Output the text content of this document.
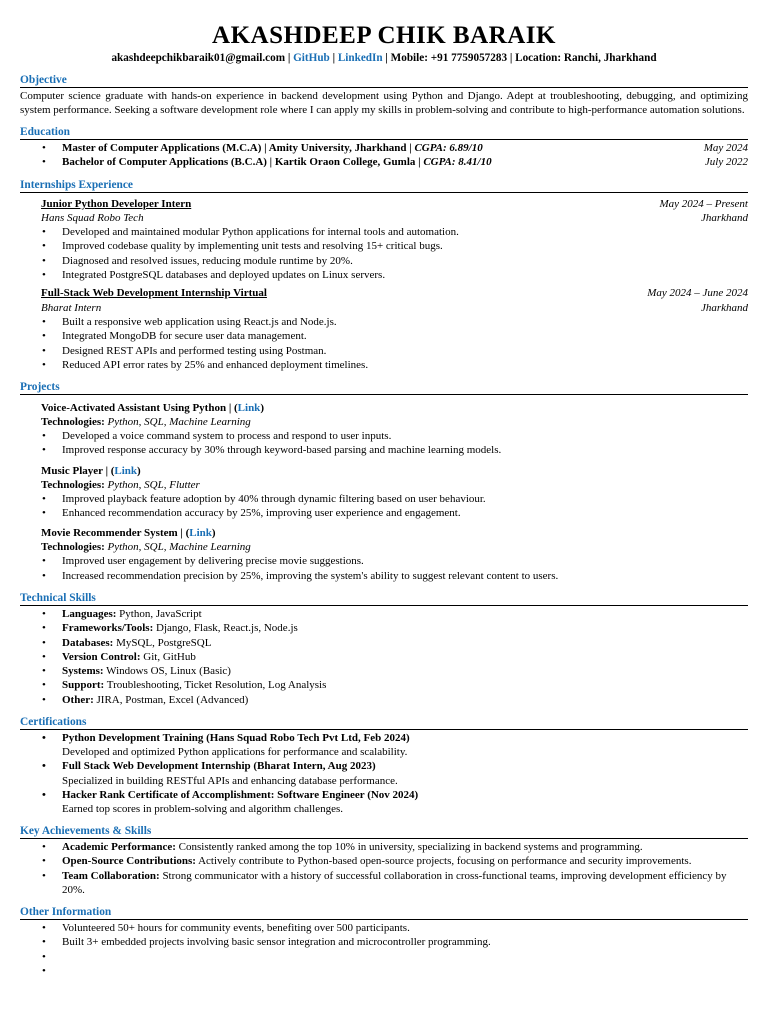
AKASHDEEP CHIK BARAIK
akashdeepchikbaraik01@gmail.com | GitHub | LinkedIn | Mobile: +91 7759057283 | Location: Ranchi, Jharkhand
Objective
Computer science graduate with hands-on experience in backend development using Python and Django. Adept at troubleshooting, debugging, and optimizing system performance. Seeking a software development role where I can apply my skills in problem-solving and contribute to high-performance automation solutions.
Education
• Master of Computer Applications (M.C.A) | Amity University, Jharkhand | CGPA: 6.89/10	May 2024
• Bachelor of Computer Applications (B.C.A) | Kartik Oraon College, Gumla | CGPA: 8.41/10	July 2022
Internships Experience
Junior Python Developer Intern	May 2024 – Present
Hans Squad Robo Tech	Jharkhand
• Developed and maintained modular Python applications for internal tools and automation.
• Improved codebase quality by implementing unit tests and resolving 15+ critical bugs.
• Diagnosed and resolved issues, reducing module runtime by 20%.
• Integrated PostgreSQL databases and deployed updates on Linux servers.
Full-Stack Web Development Internship Virtual	May 2024 – June 2024
Bharat Intern	Jharkhand
• Built a responsive web application using React.js and Node.js.
• Integrated MongoDB for secure user data management.
• Designed REST APIs and performed testing using Postman.
• Reduced API error rates by 25% and enhanced deployment timelines.
Projects
Voice-Activated Assistant Using Python | (Link)
Technologies: Python, SQL, Machine Learning
• Developed a voice command system to process and respond to user inputs.
• Improved response accuracy by 30% through keyword-based parsing and machine learning models.
Music Player | (Link)
Technologies: Python, SQL, Flutter
• Improved playback feature adoption by 40% through dynamic filtering based on user behaviour.
• Enhanced recommendation accuracy by 25%, improving user experience and engagement.
Movie Recommender System | (Link)
Technologies: Python, SQL, Machine Learning
• Improved user engagement by delivering precise movie suggestions.
• Increased recommendation precision by 25%, improving the system's ability to suggest relevant content to users.
Technical Skills
• Languages: Python, JavaScript
• Frameworks/Tools: Django, Flask, React.js, Node.js
• Databases: MySQL, PostgreSQL
• Version Control: Git, GitHub
• Systems: Windows OS, Linux (Basic)
• Support: Troubleshooting, Ticket Resolution, Log Analysis
• Other: JIRA, Postman, Excel (Advanced)
Certifications
• Python Development Training (Hans Squad Robo Tech Pvt Ltd, Feb 2024)
Developed and optimized Python applications for performance and scalability.
• Full Stack Web Development Internship (Bharat Intern, Aug 2023)
Specialized in building RESTful APIs and enhancing database performance.
• Hacker Rank Certificate of Accomplishment: Software Engineer (Nov 2024)
Earned top scores in problem-solving and algorithm challenges.
Key Achievements & Skills
• Academic Performance: Consistently ranked among the top 10% in university, specializing in backend systems and programming.
• Open-Source Contributions: Actively contribute to Python-based open-source projects, focusing on performance and security improvements.
• Team Collaboration: Strong communicator with a history of successful collaboration in cross-functional teams, improving development efficiency by 20%.
Other Information
• Volunteered 50+ hours for community events, benefiting over 500 participants.
• Built 3+ embedded projects involving basic sensor integration and microcontroller programming.
•
•
